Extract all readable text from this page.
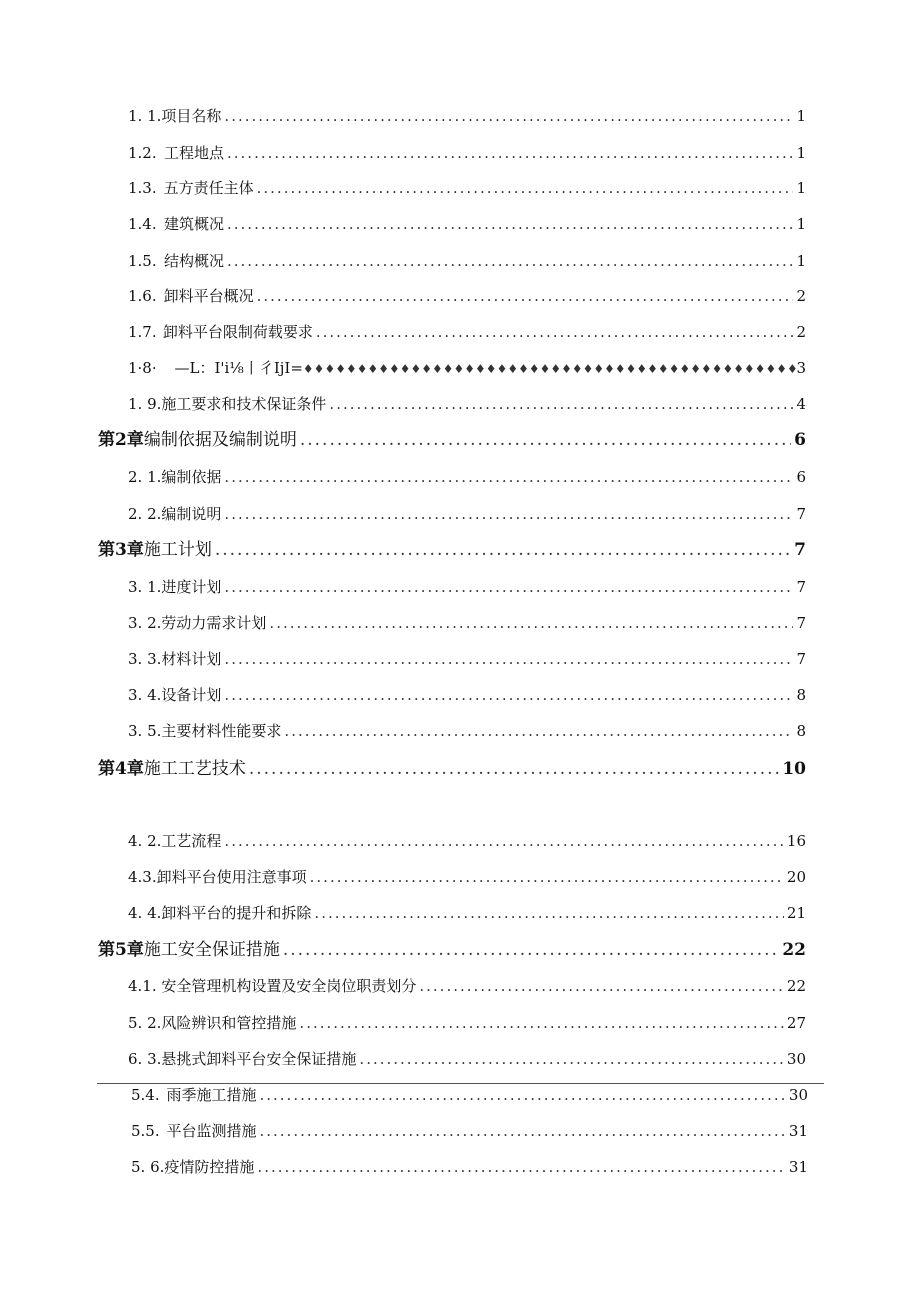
1. 1. 项目名称 .....	1
1.2. 工程地点 .....	1
1.3. 五方责任主体 .....	1
1.4. 建筑概况 .....	1
1.5. 结构概况 .....	1
1.6. 卸料平台概况 .....	2
1.7. 卸料平台限制荷载要求 .....	2
1·8· —L：I'i⅛丨彳IjI= ♦♦♦♦♦♦♦♦♦♦♦♦♦♦♦♦♦♦♦♦♦♦♦♦♦♦♦♦♦♦♦♦♦♦♦♦♦♦♦♦♦♦♦♦♦♦♦♦♦♦♦♦♦♦♦♦♦♦♦♦♦♦♦♦♦♦♦♦♦♦♦♦♦♦♦♦♦	3
1. 9. 施工要求和技术保证条件 .....	4
第2章 编制依据及编制说明 .....	6
2. 1. 编制依据 .....	6
2. 2. 编制说明 .....	7
第3章 施工计划 .....	7
3. 1. 进度计划 .....	7
3. 2. 劳动力需求计划 .....	7
3. 3. 材料计划 .....	7
3. 4. 设备计划 .....	8
3. 5. 主要材料性能要求 .....	8
第4章 施工工艺技术 .....	10
4. 2. 工艺流程 .....	16
4.3. 卸料平台使用注意事项 .....	20
4. 4. 卸料平台的提升和拆除 .....	21
第5章 施工安全保证措施 .....	22
4.1. 安全管理机构设置及安全岗位职责划分 .....	22
5. 2. 风险辨识和管控措施 .....	27
6. 3. 悬挑式卸料平台安全保证措施 .....	30
5.4. 雨季施工措施 .....	30
5.5. 平台监测措施 .....	31
5. 6. 疫情防控措施 .....	31
